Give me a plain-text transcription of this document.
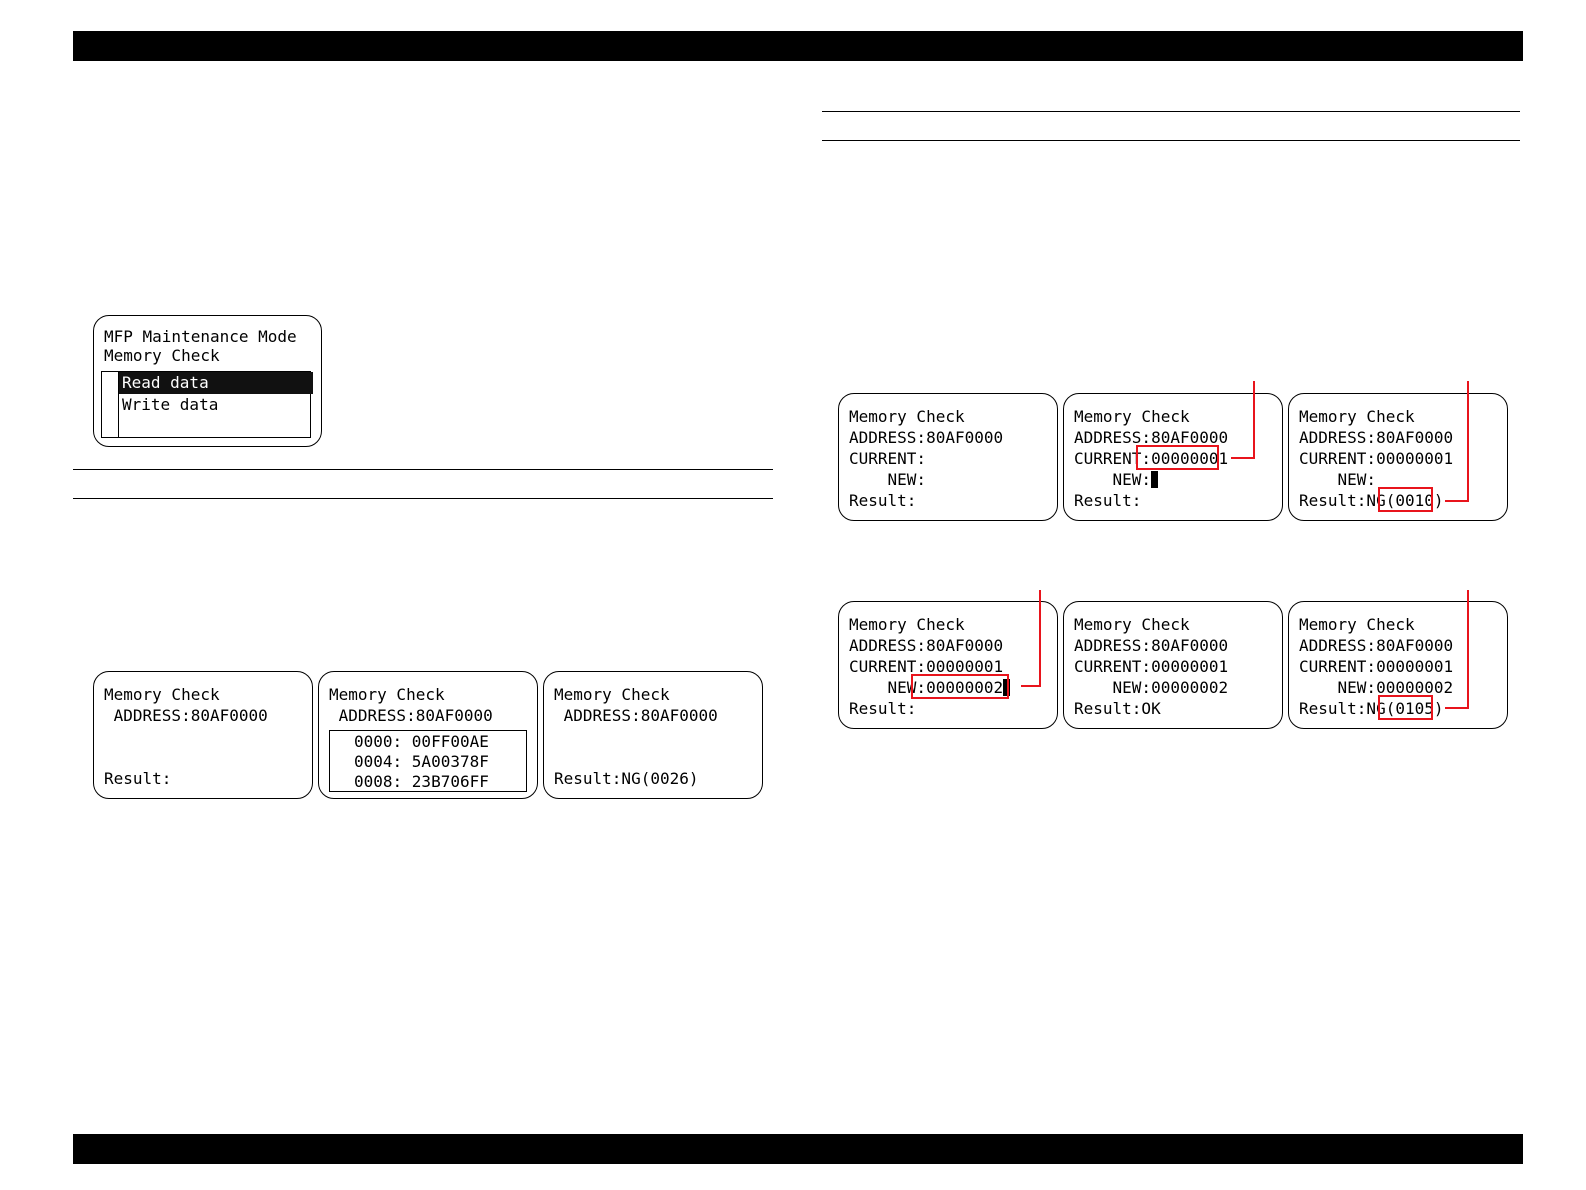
MFP Maintenance Mode
Memory Check
Read data
Write data
Memory Check
ADDRESS:80AF0000
Result:
Memory Check
ADDRESS:80AF0000
0000: 00FF00AE
0004: 5A00378F
0008: 23B706FF
Memory Check
ADDRESS:80AF0000
Result:NG(0026)
Memory Check
ADDRESS:80AF0000
CURRENT:
NEW:
Result:
Memory Check
ADDRESS:80AF0000
CURRENT:00000001
NEW:
Result:
Memory Check
ADDRESS:80AF0000
CURRENT:00000001
NEW:
Result:NG(0010)
Memory Check
ADDRESS:80AF0000
CURRENT:00000001
NEW:00000002
Result:
Memory Check
ADDRESS:80AF0000
CURRENT:00000001
NEW:00000002
Result:OK
Memory Check
ADDRESS:80AF0000
CURRENT:00000001
NEW:00000002
Result:NG(0105)
